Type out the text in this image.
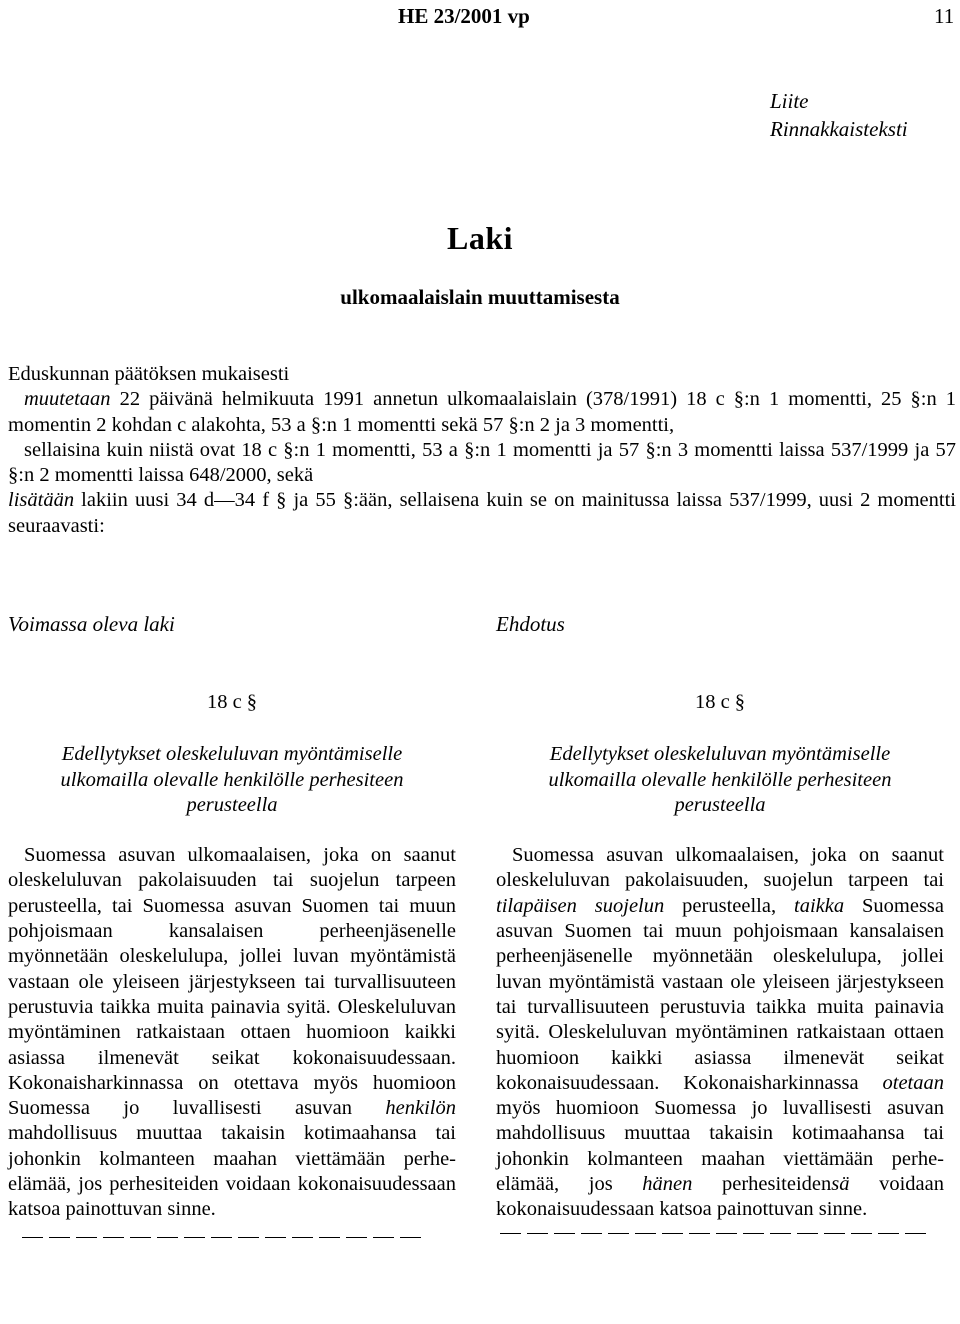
HE 23/2001 vp	11
Liite
Rinnakkaisteksti
Laki
ulkomaalaislain muuttamisesta

Eduskunnan päätöksen mukaisesti

muutetaan 22 päivänä helmikuuta 1991 annetun ulkomaalaislain (378/1991) 18 c §:n 1 momentti, 25 §:n 1 momentin 2 kohdan c alakohta, 53 a §:n 1 momentti sekä 57 §:n 2 ja 3 momentti,

sellaisina kuin niistä ovat 18 c §:n 1 momentti, 53 a §:n 1 momentti ja 57 §:n 3 momentti laissa 537/1999 ja 57 §:n 2 momentti laissa 648/2000, sekä

lisätään lakiin uusi 34 d—34 f § ja 55 §:ään, sellaisena kuin se on mainitussa laissa 537/1999, uusi 2 momentti seuraavasti:

Voimassa oleva laki	Ehdotus

18 c §

Edellytykset oleskeluluvan myöntämiselle

ulkomailla olevalle henkilölle perhesiteen

perusteella

Suomessa asuvan ulkomaalaisen, joka on saanut oleskeluluvan pakolaisuuden tai suojelun tarpeen perusteella, tai Suomessa asuvan Suomen tai muun pohjoismaan kansalaisen perheenjäsenelle myönnetään oleskelulupa, jollei luvan myöntämistä vastaan ole yleiseen järjestykseen tai turvallisuuteen perustuvia taikka muita painavia syitä. Oleskeluluvan myöntäminen ratkaistaan ottaen huomioon kaikki asiassa ilmenevät seikat kokonaisuudessaan. Kokonaisharkinnassa on otettava myös huomioon Suomessa jo luvallisesti asuvan henkilön mahdollisuus muuttaa takaisin kotimaahansa tai johonkin kolmanteen maahan viettämään perhe-elämää, jos perhesiteiden voidaan kokonaisuudessaan katsoa painottuvan sinne.

18 c §

Edellytykset oleskeluluvan myöntämiselle

ulkomailla olevalle henkilölle perhesiteen

perusteella

Suomessa asuvan ulkomaalaisen, joka on saanut oleskeluluvan pakolaisuuden, suojelun tarpeen tai tilapäisen suojelun perusteella, taikka Suomessa asuvan Suomen tai muun pohjoismaan kansalaisen perheenjäsenelle myönnetään oleskelulupa, jollei luvan myöntämistä vastaan ole yleiseen järjestykseen tai turvallisuuteen perustuvia taikka muita painavia syitä. Oleskeluluvan myöntäminen ratkaistaan ottaen huomioon kaikki asiassa ilmenevät seikat kokonaisuudessaan. Kokonaisharkinnassa otetaan myös huomioon Suomessa jo luvallisesti asuvan mahdollisuus muuttaa takaisin kotimaahansa tai johonkin kolmanteen maahan viettämään perhe-elämää, jos hänen perhesiteidensä voidaan kokonaisuudessaan katsoa painottuvan sinne.
